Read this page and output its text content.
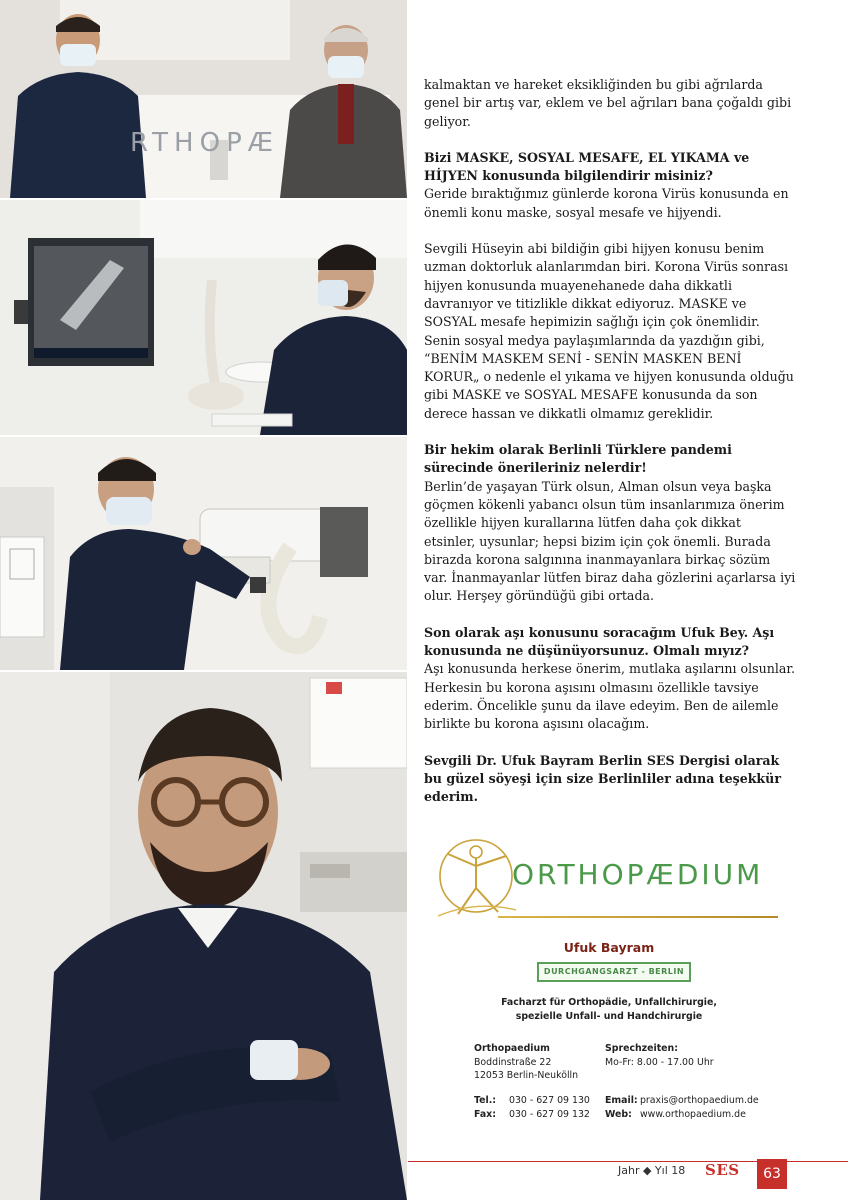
RTHOPÆ

kalmaktan ve hareket eksikliğinden bu gibi ağrılarda genel bir artış var, eklem ve bel ağrıları bana çoğaldı gibi geliyor.

Bizi MASKE, SOSYAL MESAFE, EL YIKAMA ve HİJYEN konusunda bilgilendirir misiniz?
Geride bıraktığımız günlerde korona Virüs konusunda en önemli konu maske, sosyal mesafe ve hijyendi.

Sevgili Hüseyin abi bildiğin gibi hijyen konusu benim uzman doktorluk alanlarımdan biri. Korona Virüs sonrası hijyen konusunda muayenehanede daha dikkatli davranıyor ve titizlikle dikkat ediyoruz. MASKE ve SOSYAL mesafe hepimizin sağlığı için çok önemlidir. Senin sosyal medya paylaşımlarında da yazdığın gibi, “BENİM MASKEM SENİ - SENİN MASKEN BENİ KORUR„ o nedenle el yıkama ve hijyen konusunda olduğu gibi MASKE ve SOSYAL MESAFE konusunda da son derece hassan ve dikkatli olmamız gereklidir.

Bir hekim olarak Berlinli Türklere pandemi sürecinde önerileriniz nelerdir!
Berlin’de yaşayan Türk olsun, Alman olsun veya başka göçmen kökenli yabancı olsun tüm insanlarımıza önerim özellikle hijyen kurallarına lütfen daha çok dikkat etsinler, uysunlar; hepsi bizim için çok önemli. Burada birazda korona salgınına inanmayanlara birkaç sözüm var. İnanmayanlar lütfen biraz daha gözlerini açarlarsa iyi olur. Herşey göründüğü gibi ortada.

Son olarak aşı konusunu soracağım Ufuk Bey. Aşı konusunda ne düşünüyorsunuz. Olmalı mıyız?
Aşı konusunda herkese önerim, mutlaka aşılarını olsunlar. Herkesin bu korona aşısını olmasını özellikle tavsiye ederim. Öncelikle şunu da ilave edeyim. Ben de ailemle birlikte bu korona aşısını olacağım.

Sevgili Dr. Ufuk Bayram Berlin SES Dergisi olarak bu güzel söyeşi için size Berlinliler adına teşekkür ederim.

ORTHOPÆDIUM
Ufuk Bayram
DURCHGANGSARZT - BERLIN
Facharzt für Orthopädie, Unfallchirurgie,
spezielle Unfall- und Handchirurgie
Orthopaedium
Boddinstraße 22
12053 Berlin-Neukölln
Sprechzeiten:
Mo-Fr: 8.00 - 17.00 Uhr
Tel.: 030 - 627 09 130
Fax: 030 - 627 09 132
Email: praxis@orthopaedium.de
Web: www.orthopaedium.de
Jahr ◆ Yıl 18 SES	63
